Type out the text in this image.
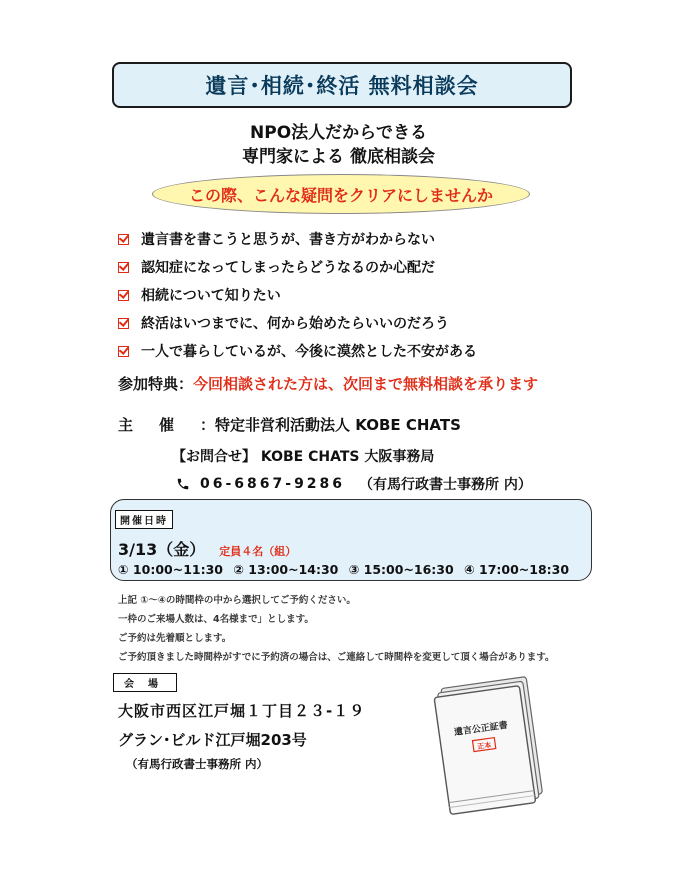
遺言･相続･終活 無料相談会
NPO法人だからできる
専門家による 徹底相談会
この際、こんな疑問をクリアにしませんか
遺言書を書こうと思うが、書き方がわからない
認知症になってしまったらどうなるのか心配だ
相続について知りたい
終活はいつまでに、何から始めたらいいのだろう
一人で暮らしているが、今後に漠然とした不安がある
参加特典：今回相談された方は、次回まで無料相談を承ります
主催：特定非営利活動法人 KOBE CHATS
【お問合せ】 KOBE CHATS 大阪事務局
06-6867-9286 （有馬行政書士事務所 内）
開催日時
3/13（金） 定員４名（組）
① 10:00~11:30 ② 13:00~14:30 ③ 15:00~16:30 ④ 17:00~18:30
上記 ①～④の時間枠の中から選択してご予約ください。
一枠のご来場人数は、4名様まで」とします。
ご予約は先着順とします。
ご予約頂きました時間枠がすでに予約済の場合は、ご連絡して時間枠を変更して頂く場合があります。
会場
大阪市西区江戸堀１丁目２３-１９
グラン･ビルド江戸堀203号
（有馬行政書士事務所 内）
遺言公正証書
正本
